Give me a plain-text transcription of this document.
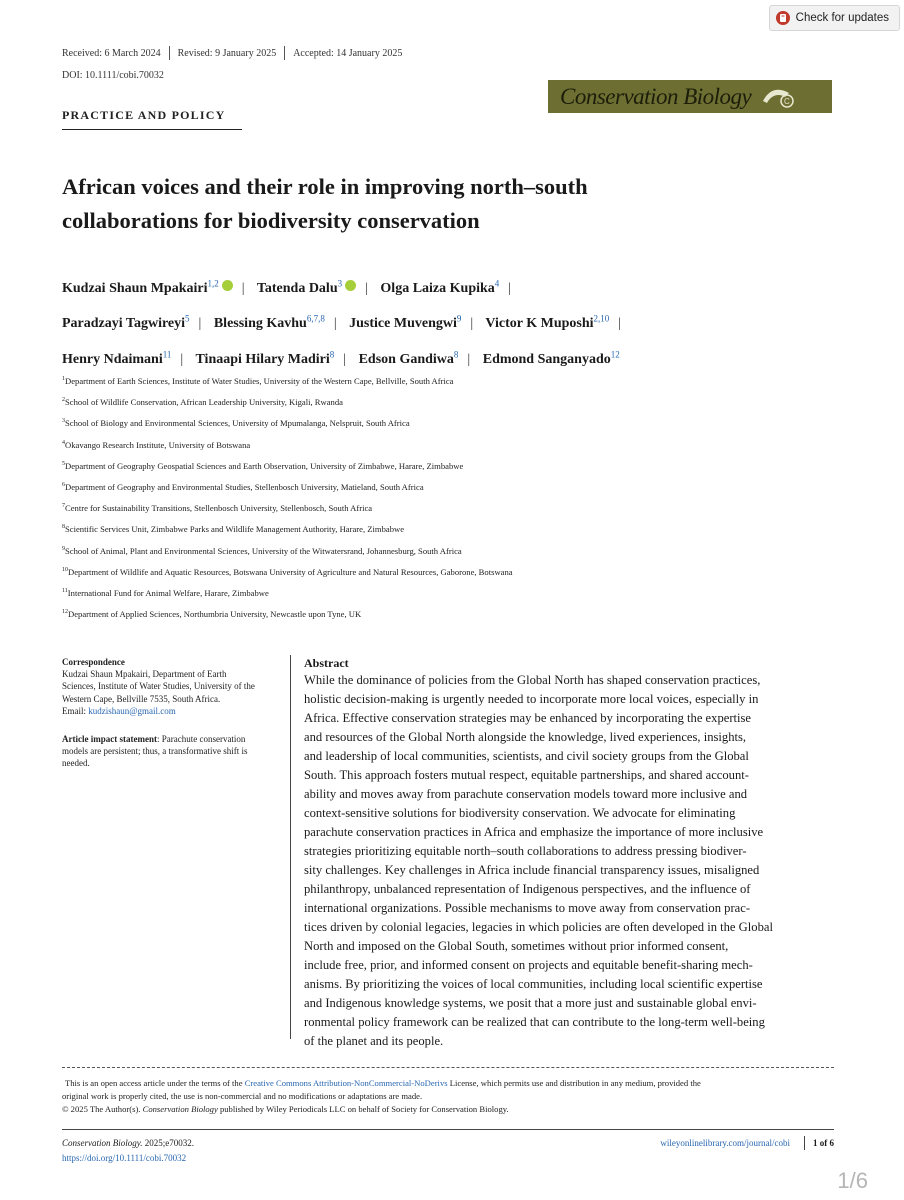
Check for updates
Received: 6 March 2024 Revised: 9 January 2025 Accepted: 14 January 2025
DOI: 10.1111/cobi.70032
PRACTICE AND POLICY
Conservation Biology	C
African voices and their role in improving north–south
collaborations for biodiversity conservation
Kudzai Shaun Mpakairi$^{1,2}$ | Tatenda Dalu$^3$ | Olga Laiza Kupika$^4$ |
Paradzayi Tagwireyi$^5$ | Blessing Kavhu$^{6,7,8}$ | Justice Muvengwi$^9$ | Victor K Muposhi$^{2,10}$ |
Henry Ndaimani$^{11}$ | Tinaapi Hilary Madiri$^8$ | Edson Gandiwa$^8$ | Edmond Sanganyado$^{12}$
$^1$Department of Earth Sciences, Institute of Water Studies, University of the Western Cape, Bellville, South Africa
$^2$School of Wildlife Conservation, African Leadership University, Kigali, Rwanda
$^3$School of Biology and Environmental Sciences, University of Mpumalanga, Nelspruit, South Africa
$^4$Okavango Research Institute, University of Botswana
$^5$Department of Geography Geospatial Sciences and Earth Observation, University of Zimbabwe, Harare, Zimbabwe
$^6$Department of Geography and Environmental Studies, Stellenbosch University, Matieland, South Africa
$^7$Centre for Sustainability Transitions, Stellenbosch University, Stellenbosch, South Africa
$^8$Scientific Services Unit, Zimbabwe Parks and Wildlife Management Authority, Harare, Zimbabwe
$^9$School of Animal, Plant and Environmental Sciences, University of the Witwatersrand, Johannesburg, South Africa
$^{10}$Department of Wildlife and Aquatic Resources, Botswana University of Agriculture and Natural Resources, Gaborone, Botswana
$^{11}$International Fund for Animal Welfare, Harare, Zimbabwe
$^{12}$Department of Applied Sciences, Northumbria University, Newcastle upon Tyne, UK
Correspondence
Kudzai Shaun Mpakairi, Department of Earth
Sciences, Institute of Water Studies, University of the
Western Cape, Bellville 7535, South Africa.
Email: kudzishaun@gmail.com
Article impact statement: Parachute conservation
models are persistent; thus, a transformative shift is
needed.
Abstract
While the dominance of policies from the Global North has shaped conservation practices,
holistic decision-making is urgently needed to incorporate more local voices, especially in
Africa. Effective conservation strategies may be enhanced by incorporating the expertise
and resources of the Global North alongside the knowledge, lived experiences, insights,
and leadership of local communities, scientists, and civil society groups from the Global
South. This approach fosters mutual respect, equitable partnerships, and shared account-
ability and moves away from parachute conservation models toward more inclusive and
context-sensitive solutions for biodiversity conservation. We advocate for eliminating
parachute conservation practices in Africa and emphasize the importance of more inclusive
strategies prioritizing equitable north–south collaborations to address pressing biodiver-
sity challenges. Key challenges in Africa include financial transparency issues, misaligned
philanthropy, unbalanced representation of Indigenous perspectives, and the influence of
international organizations. Possible mechanisms to move away from conservation prac-
tices driven by colonial legacies, legacies in which policies are often developed in the Global
North and imposed on the Global South, sometimes without prior informed consent,
include free, prior, and informed consent on projects and equitable benefit-sharing mech-
anisms. By prioritizing the voices of local communities, including local scientific expertise
and Indigenous knowledge systems, we posit that a more just and sustainable global envi-
ronmental policy framework can be realized that can contribute to the long-term well-being
of the planet and its people.
This is an open access article under the terms of the Creative Commons Attribution-NonCommercial-NoDerivs License, which permits use and distribution in any medium, provided the
original work is properly cited, the use is non-commercial and no modifications or adaptations are made.
© 2025 The Author(s). Conservation Biology published by Wiley Periodicals LLC on behalf of Society for Conservation Biology.
Conservation Biology. 2025;e70032.
https://doi.org/10.1111/cobi.70032
wileyonlinelibrary.com/journal/cobi	1 of 6
1/6
